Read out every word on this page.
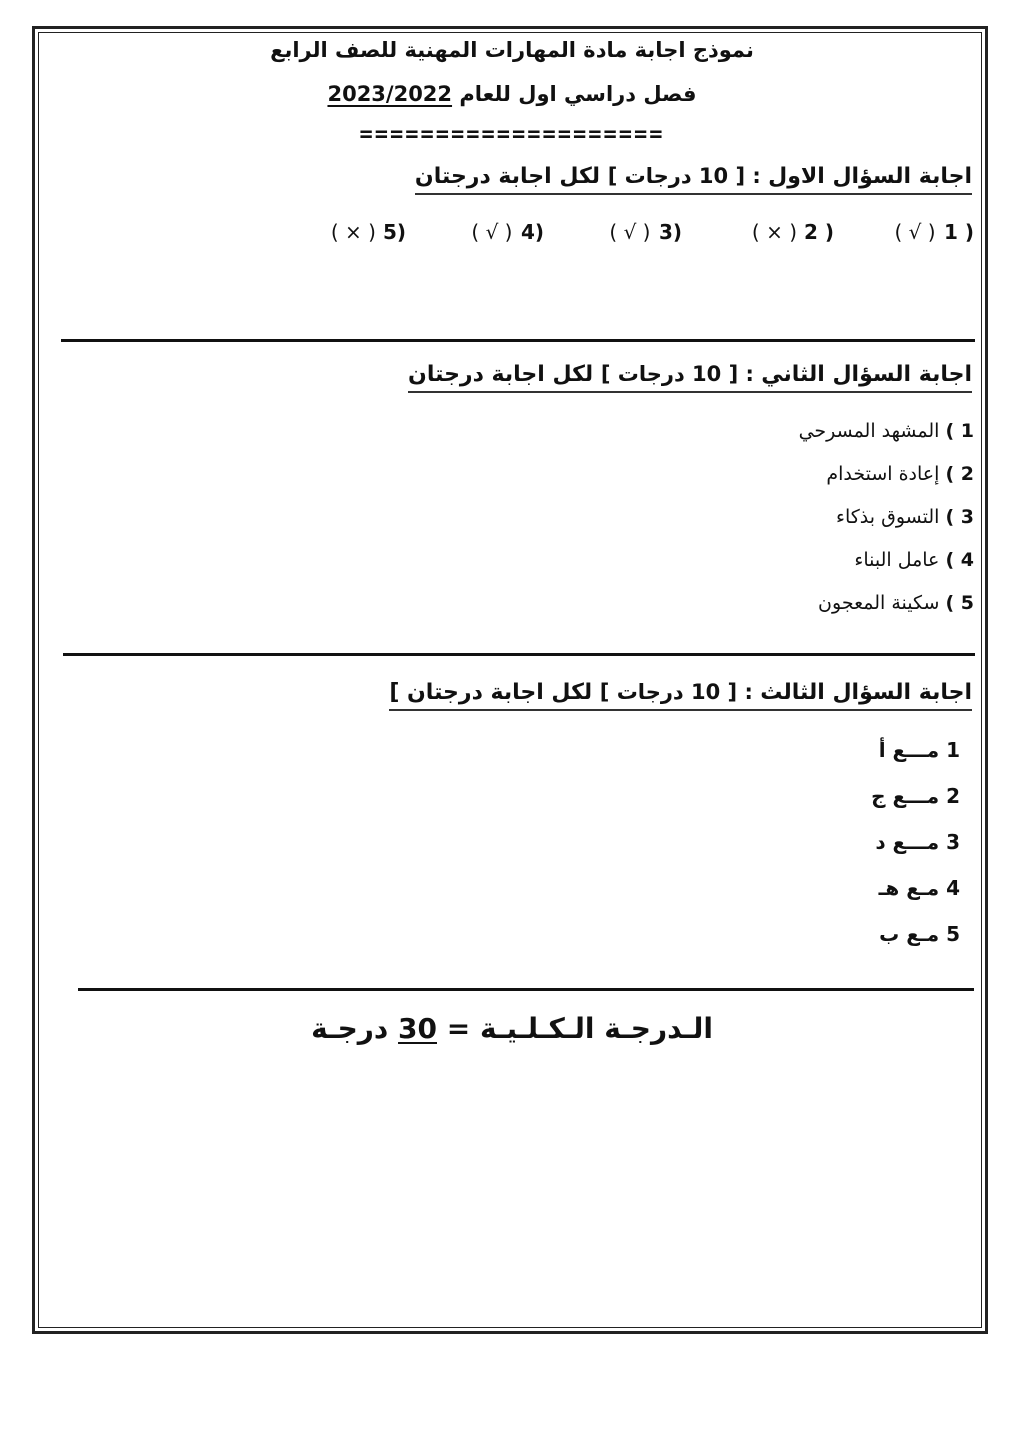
نموذج اجابة مادة المهارات المهنية للصف الرابع
فصل دراسي اول للعام 2023/2022
====================
اجابة السؤال الاول : [ 10 درجات ] لكل اجابة درجتان
( √ ) 1 )
( × ) 2 )
( √ ) 3)
( √ ) 4)
( × ) 5)
اجابة السؤال الثاني : [ 10 درجات ] لكل اجابة درجتان
1 ) المشهد المسرحي
2 ) إعادة استخدام
3 ) التسوق بذكاء
4 ) عامل البناء
5 ) سكينة المعجون
اجابة السؤال الثالث : [ 10 درجات ] لكل اجابة درجتان ]
1 مـــع أ
2 مـــع ج
3 مـــع د
4 مـع هـ
5 مـع ب
الـدرجـة الـكـلـيـة = 30 درجـة
